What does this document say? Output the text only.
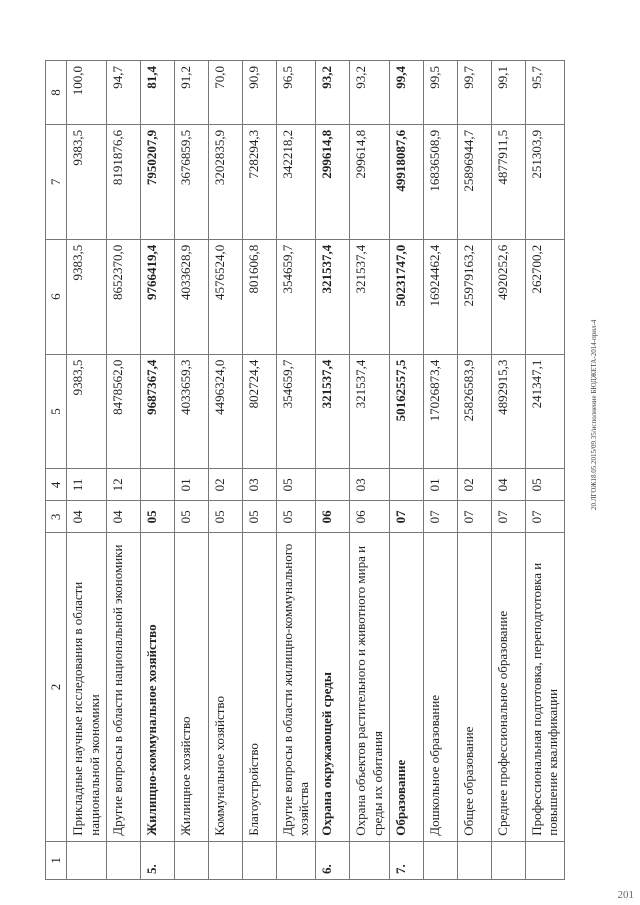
1	2	3	4	5	6	7	8
	Прикладные научные исследования в области национальной экономики	04	11	9383,5	9383,5	9383,5	100,0
	Другие вопросы в области национальной экономики	04	12	8478562,0	8652370,0	8191876,6	94,7
5.	Жилищно-коммунальное хозяйство	05		9687367,4	9766419,4	7950207,9	81,4
	Жилищное хозяйство	05	01	4033659,3	4033628,9	3676859,5	91,2
	Коммунальное хозяйство	05	02	4496324,0	4576524,0	3202835,9	70,0
	Благоустройство	05	03	802724,4	801606,8	728294,3	90,9
	Другие вопросы в области жилищно-коммунального хозяйства	05	05	354659,7	354659,7	342218,2	96,5
6.	Охрана окружающей среды	06		321537,4	321537,4	299614,8	93,2
	Охрана объектов растительного и животного мира и среды их обитания	06	03	321537,4	321537,4	299614,8	93,2
7.	Образование	07		50162557,5	50231747,0	49918087,6	99,4
	Дошкольное образование	07	01	17026873,4	16924462,4	16836508,9	99,5
	Общее образование	07	02	25826583,9	25979163,2	25896944,7	99,7
	Среднее профессиональное образование	07	04	4892915,3	4920252,6	4877911,5	99,1
	Профессиональная подготовка, переподготовка и повышение квалификации	07	05	241347,1	262700,2	251303,9	95,7
20.ЛГОЖ18.05.2015/09.35/исполнение БЮДЖЕТА-2014-прил-4
201
